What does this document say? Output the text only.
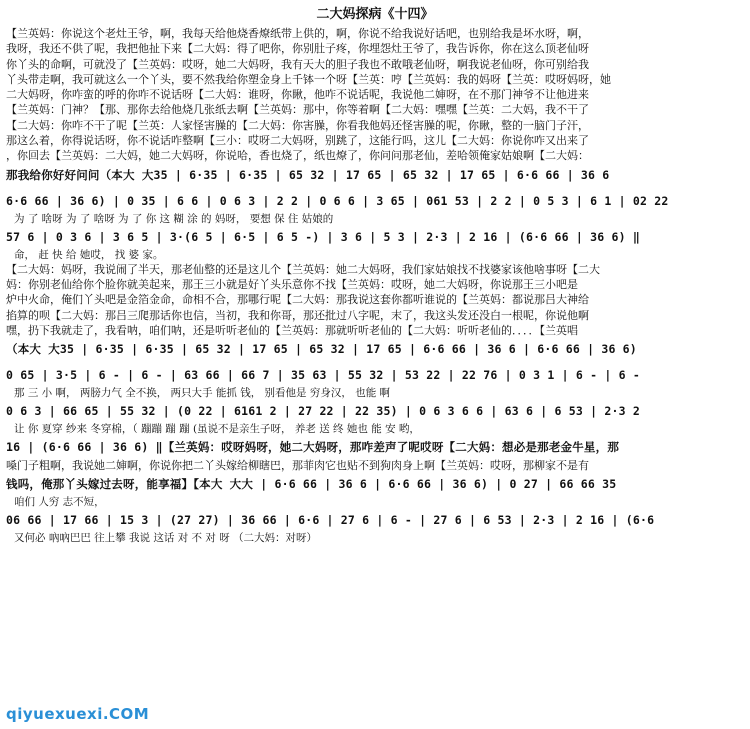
二大妈探病《十四》
【兰英妈：你说这个老灶王爷，啊，我每天给他烧香燎纸带上供的，啊，你说不给我说好话吧，也别给我是坏水呀，啊，
我呀，我还不供了呢，我把他扯下来【二大妈：得了吧你，你别肚子疼，你埋怨灶王爷了，我告诉你，你在这么顶老仙呀
你丫头的命啊，可就没了【兰英妈：哎呀，她二大妈呀，我有天大的胆子我也不敢哦老仙呀，啊我说老仙呀，你可别给我
丫头带走啊，我可就这么一个丫头，要不然我给你塑金身上千钵一个呀【兰英：哼【兰英妈：我的妈呀【兰英：哎呀妈呀，她
二大妈呀，你咋蛮的呼的你咋不说话呀【二大妈：谁呀，你瞅，他咋不说话呢，我说他二婶呀，在不那门神爷不让他进来
【兰英妈：门神？【那、那你去给他烧几张纸去啊【兰英妈：那中，你等着啊【二大妈：嘿嘿【兰英：二大妈，我不干了
【二大妈：你咋不干了呢【兰英：人家怪害臊的【二大妈：你害臊，你看我他妈还怪害臊的呢，你瞅，整的一脑门子汗，
那这么着，你得说话呀，你不说话咋整啊【三小：哎呀二大妈呀，别跳了，这能行吗，这儿【二大妈：你说你咋又出来了
，你回去【兰英妈：二大妈，她二大妈呀，你说哈，香也烧了，纸也燎了，你问问那老仙，差哈领俺家姑娘啊【二大妈：
那我给你好好问问（本大 大35 | 6·35 | 6·35 | 65 32 | 17 65 | 65 32 | 17 65 | 6·6 66 | 36 6
6·6 66 | 36 6) | 0 35 | 6 6 | 0 6 3 | 2 2 | 0 6 6 | 3 65 | 061 53 | 2 2 | 0 5 3 | 6 1 | 02 22
为 了 啥呀 为 了 啥呀 为 了 你 这 糊 涂 的 妈呀， 要想 保 住 姑娘的
57 6 | 0 3 6 | 3 6 5 | 3·(6 5 | 6·5 | 6 5 -) | 3 6 | 5 3 | 2·3 | 2 16 | (6·6 66 | 36 6) ‖
命， 赶 快 给 她哎， 找 婆 家。
【二大妈：妈呀，我说闹了半天，那老仙整的还是这儿个【兰英妈：她二大妈呀，我们家姑娘找不找婆家该他啥事呀【二大
妈：你别老仙给你个脸你就美起来，那王三小就是好丫头乐意你不找【兰英妈：哎呀，她二大妈呀，你说那王三小吧是
炉中火命，俺们丫头吧是金箔金命，命相不合，那哪行呢【二大妈：那我说这套你都听谁说的【兰英妈：都说那吕大神给
掐算的呗【二大妈：那吕三爬那话你也信，当初，我和你哥，那还批过八字呢，末了，我这头发还没白一根呢，你说他啊
嘿，扔下我就走了，我看呐，咱们呐，还是听听老仙的【兰英妈：那就听听老仙的【二大妈：听听老仙的．．．．【兰英唱
（本大 大35 | 6·35 | 6·35 | 65 32 | 17 65 | 65 32 | 17 65 | 6·6 66 | 36 6 | 6·6 66 | 36 6)
0 65 | 3·5 | 6 - | 6 - | 63 66 | 66 7 | 35 63 | 55 32 | 53 22 | 22 76 | 0 3 1 | 6 - | 6 -
那 三 小 啊， 两膀力气 全不换， 两只大手 能抓 钱， 别看他是 穷身汉， 也能 啊
0 6 3 | 66 65 | 55 32 | (0 22 | 6161 2 | 27 22 | 22 35) | 0 6 3 6 6 | 63 6 | 6 53 | 2·3 2
让 你 夏穿 纱来 冬穿棉，（ 蹦蹦 蹦 蹦 (虽说不是亲生子呀， 养老 送 终 她也 能 安 哟，
16 | (6·6 66 | 36 6) ‖【兰英妈：哎呀妈呀，她二大妈呀，那咋差声了呢哎呀【二大妈：想必是那老金牛星，那
嗓门子粗啊，我说她二婶啊，你说你把二丫头嫁给柳瞎巴，那菲肉它也贴不到狗肉身上啊【兰英妈：哎呀，那柳家不是有
钱吗，俺那丫头嫁过去呀，能享福】【本大 大大 | 6·6 66 | 36 6 | 6·6 66 | 36 6) | 0 27 | 66 66 35
咱们 人穷 志不短，
06 66 | 17 66 | 15 3 | (27 27) | 36 66 | 6·6 | 27 6 | 6 - | 27 6 | 6 53 | 2·3 | 2 16 | (6·6
又何必 吶吶巴巴 往上攀 我说 这话 对 不 对 呀 （二大妈：对呀）
qiyuexuexi.COM
